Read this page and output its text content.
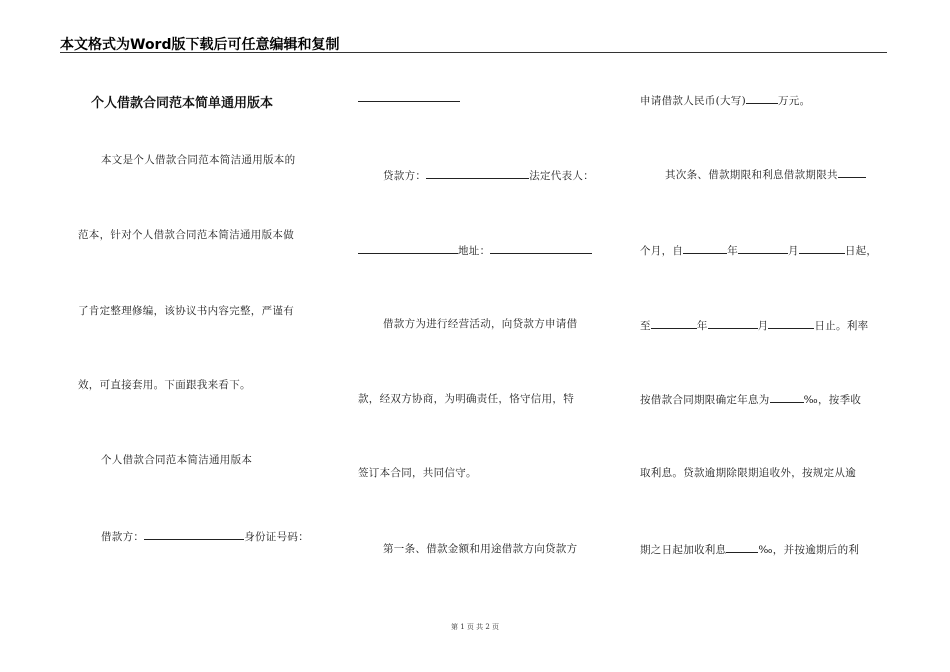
本文格式为Word版下载后可任意编辑和复制
个人借款合同范本简单通用版本
本文是个人借款合同范本简洁通用版本的
范本，针对个人借款合同范本简洁通用版本做
了肯定整理修编，该协议书内容完整，严谨有
效，可直接套用。下面跟我来看下。
个人借款合同范本简洁通用版本
借款方：	身份证号码：
贷款方：	法定代表人：
地址：
借款方为进行经营活动，向贷款方申请借
款，经双方协商，为明确责任，恪守信用，特
签订本合同，共同信守。
第一条、借款金额和用途借款方向贷款方
申请借款人民币(大写)	万元。
其次条、借款期限和利息借款期限共
个月，自	年	月	日起，
至	年	月	日止。利率
按借款合同期限确定年息为	‰，按季收
取利息。贷款逾期除限期追收外，按规定从逾
期之日起加收利息	‰，并按逾期后的利
第 1 页 共 2 页
